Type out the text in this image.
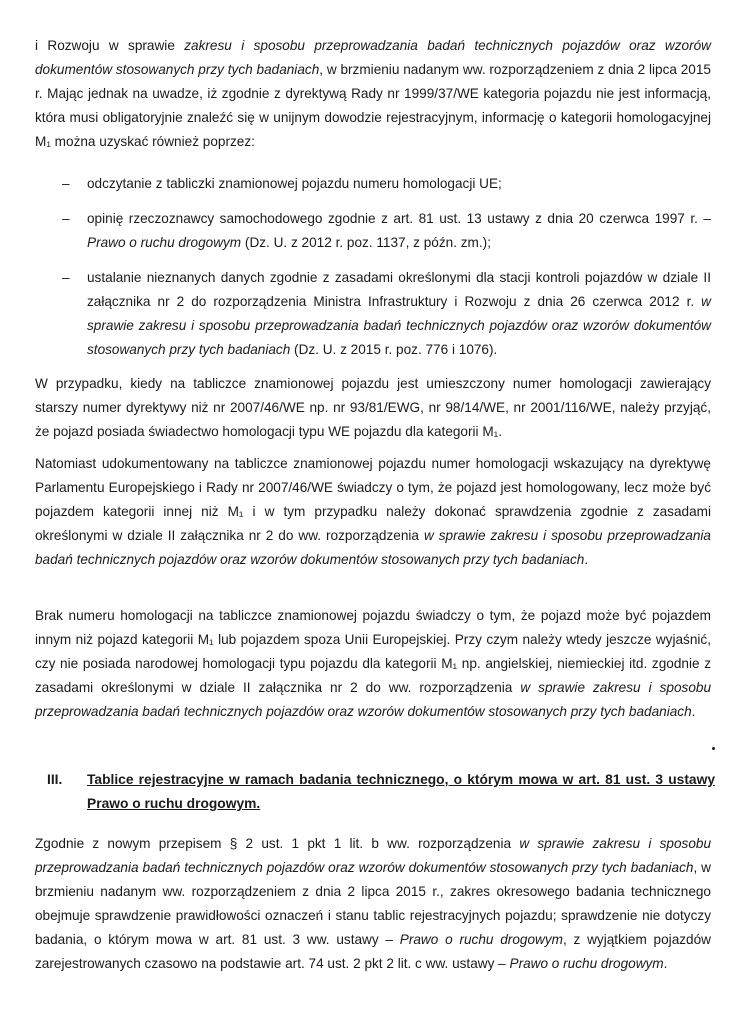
i Rozwoju w sprawie zakresu i sposobu przeprowadzania badań technicznych pojazdów oraz wzorów dokumentów stosowanych przy tych badaniach, w brzmieniu nadanym ww. rozporządzeniem z dnia 2 lipca 2015 r. Mając jednak na uwadze, iż zgodnie z dyrektywą Rady nr 1999/37/WE kategoria pojazdu nie jest informacją, która musi obligatoryjnie znaleźć się w unijnym dowodzie rejestracyjnym, informację o kategorii homologacyjnej M₁ można uzyskać również poprzez:

–	odczytanie z tabliczki znamionowej pojazdu numeru homologacji UE;

–	opinię rzeczoznawcy samochodowego zgodnie z art. 81 ust. 13 ustawy z dnia 20 czerwca 1997 r. – Prawo o ruchu drogowym (Dz. U. z 2012 r. poz. 1137, z późn. zm.);

–	ustalanie nieznanych danych zgodnie z zasadami określonymi dla stacji kontroli pojazdów w dziale II załącznika nr 2 do rozporządzenia Ministra Infrastruktury i Rozwoju z dnia 26 czerwca 2012 r. w sprawie zakresu i sposobu przeprowadzania badań technicznych pojazdów oraz wzorów dokumentów stosowanych przy tych badaniach (Dz. U. z 2015 r. poz. 776 i 1076).

W przypadku, kiedy na tabliczce znamionowej pojazdu jest umieszczony numer homologacji zawierający starszy numer dyrektywy niż nr 2007/46/WE np. nr 93/81/EWG, nr 98/14/WE, nr 2001/116/WE, należy przyjąć, że pojazd posiada świadectwo homologacji typu WE pojazdu dla kategorii M₁.

Natomiast udokumentowany na tabliczce znamionowej pojazdu numer homologacji wskazujący na dyrektywę Parlamentu Europejskiego i Rady nr 2007/46/WE świadczy o tym, że pojazd jest homologowany, lecz może być pojazdem kategorii innej niż M₁ i w tym przypadku należy dokonać sprawdzenia zgodnie z zasadami określonymi w dziale II załącznika nr 2 do ww. rozporządzenia w sprawie zakresu i sposobu przeprowadzania badań technicznych pojazdów oraz wzorów dokumentów stosowanych przy tych badaniach.

Brak numeru homologacji na tabliczce znamionowej pojazdu świadczy o tym, że pojazd może być pojazdem innym niż pojazd kategorii M₁ lub pojazdem spoza Unii Europejskiej. Przy czym należy wtedy jeszcze wyjaśnić, czy nie posiada narodowej homologacji typu pojazdu dla kategorii M₁ np. angielskiej, niemieckiej itd. zgodnie z zasadami określonymi w dziale II załącznika nr 2 do ww. rozporządzenia w sprawie zakresu i sposobu przeprowadzania badań technicznych pojazdów oraz wzorów dokumentów stosowanych przy tych badaniach.

III. Tablice rejestracyjne w ramach badania technicznego, o którym mowa w art. 81 ust. 3 ustawy Prawo o ruchu drogowym.

Zgodnie z nowym przepisem § 2 ust. 1 pkt 1 lit. b ww. rozporządzenia w sprawie zakresu i sposobu przeprowadzania badań technicznych pojazdów oraz wzorów dokumentów stosowanych przy tych badaniach, w brzmieniu nadanym ww. rozporządzeniem z dnia 2 lipca 2015 r., zakres okresowego badania technicznego obejmuje sprawdzenie prawidłowości oznaczeń i stanu tablic rejestracyjnych pojazdu; sprawdzenie nie dotyczy badania, o którym mowa w art. 81 ust. 3 ww. ustawy – Prawo o ruchu drogowym, z wyjątkiem pojazdów zarejestrowanych czasowo na podstawie art. 74 ust. 2 pkt 2 lit. c ww. ustawy – Prawo o ruchu drogowym.
